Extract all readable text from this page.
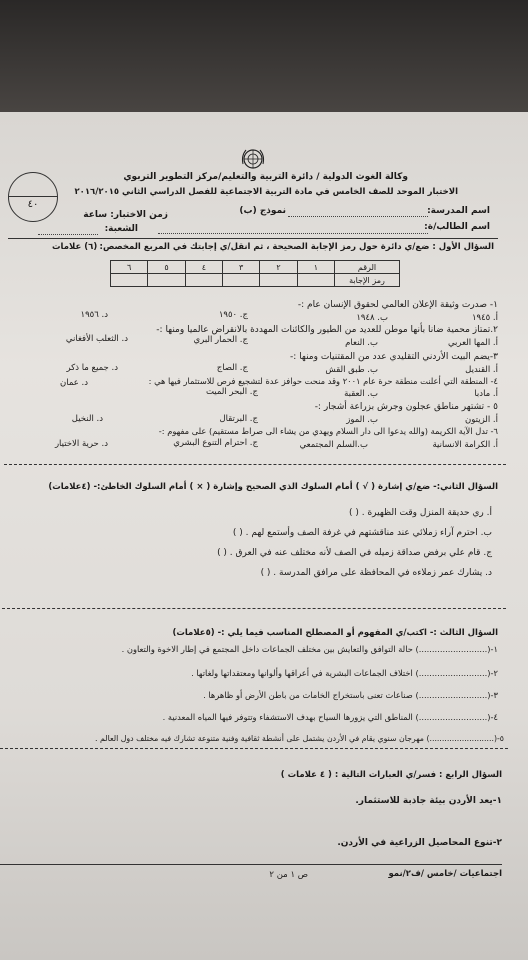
وكالة الغوث الدولية / دائرة التربية والتعليم/مركز التطوير التربوي
الاختبار الموحد للصف الخامس في مادة التربية الاجتماعية للفصل الدراسي الثاني ٢٠١٦/٢٠١٥
٤٠
اسم المدرسة:
نموذج (ب)
زمن الاختبار: ساعة
اسم الطالب/ة:
الشعبة:
السؤال الأول : ضع/ي دائرة حول رمز الإجابة الصحيحة ، ثم انقل/ي إجابتك في المربع المخصص:
(٦) علامات
الرقم	١	٢	٣	٤	٥	٦
رمز الإجابة						
١- صدرت وثيقة الإعلان العالمي لحقوق الإنسان عام :-
أ. ١٩٤٥
ب. ١٩٤٨
ج. ١٩٥٠
د. ١٩٥٦
٢.تمتاز محمية ضانا بأنها موطن للعديد من الطيور والكائنات المهددة بالانقراض عالميا ومنها :-
أ. المها العربي
ب. النعام
ج. الحمار البري
د. الثعلب الأفغاني
٣-يضم البيت الأردني التقليدي عدد من المقتنيات ومنها :-
أ. القنديل
ب. طبق القش
ج. الصاج
د. جميع ما ذكر
٤- المنطقة التي أعلنت منطقة حرة عام ٢٠٠١ وقد منحت حوافز عدة لتشجيع فرص للاستثمار فيها هي :
أ. مادبا
ب. العقبة
ج. البحر الميت
د. عمان
٥ - تشتهر مناطق عجلون وجرش بزراعة أشجار :-
أ. الزيتون
ب. الموز
ج. البرتقال
د. النخيل
٦- تدل الآية الكريمة (والله يدعوا الى دار السلام ويهدي من يشاء الى صراط مستقيم) على مفهوم :-
أ. الكرامة الانسانية
ب.السلم المجتمعي
ج. احترام التنوع البشري
د. حرية الاختيار
السؤال الثاني:- ضع/ي إشارة ( √ ) أمام السلوك الذي الصحيح وإشارة ( × ) أمام السلوك الخاطئ:- (٤علامات)
أ. ري حديقة المنزل وقت الظهيرة . ( )
ب. احترم آراء زملائي عند مناقشتهم في غرفة الصف وأستمع لهم . ( )
ج. قام علي برفض صداقة زميله في الصف لأنه مختلف عنه في العرق . ( )
د. يشارك عمر زملاءه في المحافظة على مرافق المدرسة . ( )
السؤال الثالث :- اكتب/ي المفهوم أو المصطلح المناسب فيما يلي :- (٥علامات)
١-(..........................) حالة التوافق والتعايش بين مختلف الجماعات داخل المجتمع في إطار الاخوة والتعاون .
٢-(..........................) اختلاف الجماعات البشرية في أعراقها وألوانها ومعتقداتها ولغاتها .
٣-(..........................) صناعات تعنى باستخراج الخامات من باطن الأرض أو ظاهرها .
٤-(..........................) المناطق التي يزورها السياح بهدف الاستشفاء وتتوفر فيها المياه المعدنية .
٥-(..........................) مهرجان سنوي يقام في الأردن يشتمل على أنشطة ثقافية وفنية متنوعة تشارك فيه مختلف دول العالم .
السؤال الرابع : فسر/ي العبارات التالية : ( ٤ علامات )
١-يعد الأردن بيئة جاذبة للاستثمار.
٢-تنوع المحاصيل الزراعية في الأردن.
اجتماعيات /خامس /ف٢/نمو
ص ١ من ٢
